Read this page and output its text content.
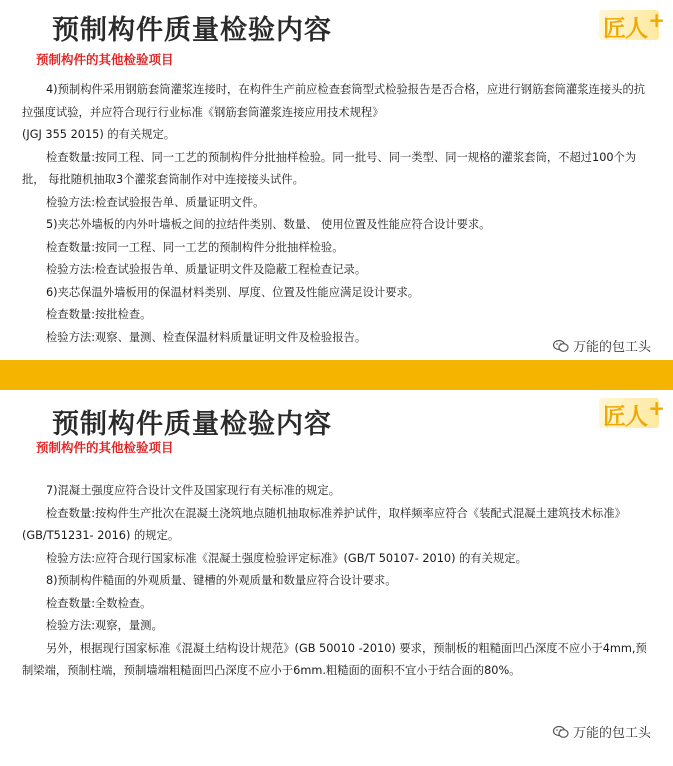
预制构件质量检验内容
预制构件的其他检验项目
匠人 +

4)预制构件采用钢筋套筒灌浆连接时，在构件生产前应检查套筒型式检验报告是否合格，应进行钢筋套筒灌浆连接头的抗拉强度试验，并应符合现行行业标准《钢筋套筒灌浆连接应用技术规程》

(JGJ 355 2015) 的有关规定。

检查数量:按同工程、同一工艺的预制构件分批抽样检验。同一批号、同一类型、同一规格的灌浆套筒，不超过100个为批， 每批随机抽取3个灌浆套筒制作对中连接接头试件。

检验方法:检查试验报告单、质量证明文件。

5)夹芯外墙板的内外叶墙板之间的拉结件类别、数量、 使用位置及性能应符合设计要求。

检查数量:按同一工程、同一工艺的预制构件分批抽样检验。

检验方法:检查试验报告单、质量证明文件及隐蔽工程检查记录。

6)夹芯保温外墙板用的保温材料类别、厚度、位置及性能应满足设计要求。

检查数量:按批检查。

检验方法:观察、量测、检查保温材料质量证明文件及检验报告。

万能的包工头
预制构件质量检验内容
预制构件的其他检验项目
匠人 +

7)混凝土强度应符合设计文件及国家现行有关标准的规定。

检查数量:按构件生产批次在混凝土浇筑地点随机抽取标准养护试件，取样频率应符合《装配式混凝土建筑技术标准》(GB/T51231- 2016) 的规定。

检验方法:应符合现行国家标准《混凝土强度检验评定标准》(GB/T 50107- 2010) 的有关规定。

8)预制构件糙面的外观质量、键槽的外观质量和数量应符合设计要求。

检查数量:全数检查。

检验方法:观察，量测。

另外，根据现行国家标准《混凝土结构设计规范》(GB 50010 -2010) 要求，预制板的粗糙面凹凸深度不应小于4mm,预制梁端，预制柱端，预制墙端粗糙面凹凸深度不应小于6mm.粗糙面的面积不宜小于结合面的80%。

万能的包工头
